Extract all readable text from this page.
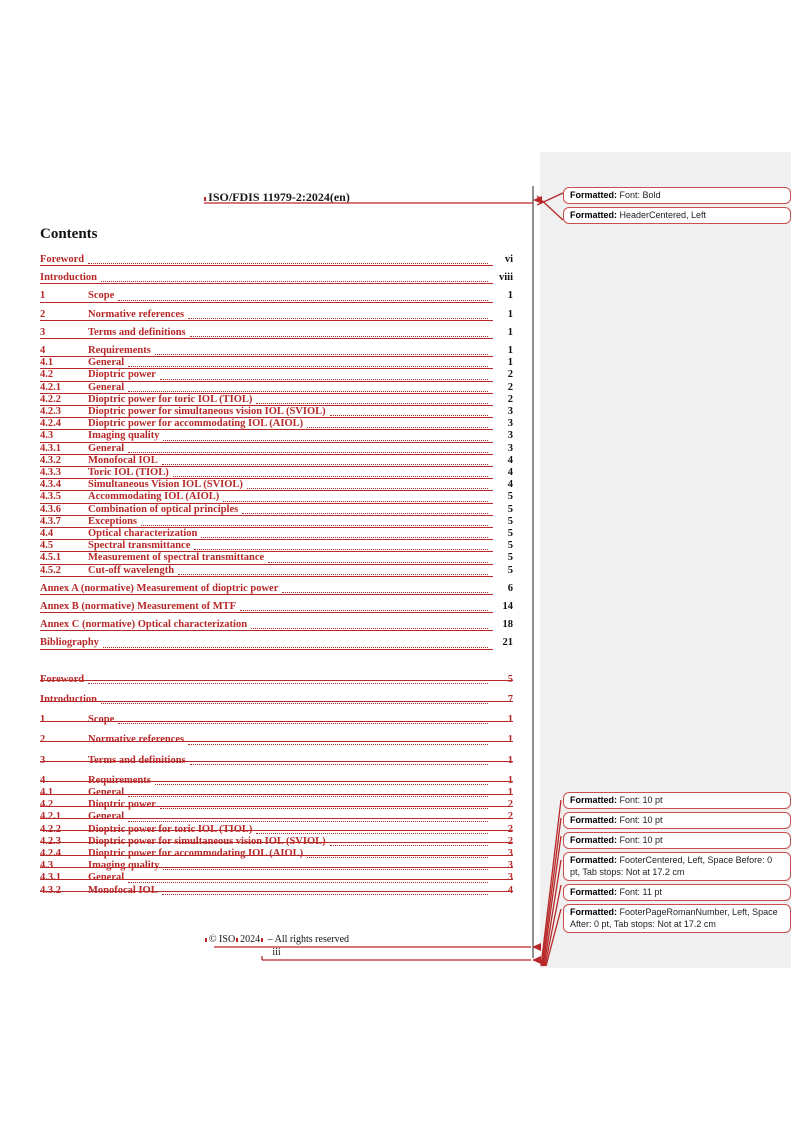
ISO/FDIS 11979-2:2024(en)
Contents
Foreword	vi
Introduction	viii
1	Scope	1
2	Normative references	1
3	Terms and definitions	1
4	Requirements	1
4.1	General	1
4.2	Dioptric power	2
4.2.1	General	2
4.2.2	Dioptric power for toric IOL (TIOL)	2
4.2.3	Dioptric power for simultaneous vision IOL (SVIOL)	3
4.2.4	Dioptric power for accommodating IOL (AIOL)	3
4.3	Imaging quality	3
4.3.1	General	3
4.3.2	Monofocal IOL	4
4.3.3	Toric IOL (TIOL)	4
4.3.4	Simultaneous Vision IOL (SVIOL)	4
4.3.5	Accommodating IOL (AIOL)	5
4.3.6	Combination of optical principles	5
4.3.7	Exceptions	5
4.4	Optical characterization	5
4.5	Spectral transmittance	5
4.5.1	Measurement of spectral transmittance	5
4.5.2	Cut-off wavelength	5
Annex A (normative) Measurement of dioptric power	6
Annex B (normative) Measurement of MTF	14
Annex C (normative) Optical characterization	18
Bibliography	21
Foreword	5
Introduction	7
1	Scope	1
2	Normative references	1
3	Terms and definitions	1
4	Requirements	1
4.1	General	1
4.2	Dioptric power	2
4.2.1	General	2
4.2.2	Dioptric power for toric IOL (TIOL)	2
4.2.3	Dioptric power for simultaneous vision IOL (SVIOL)	2
4.2.4	Dioptric power for accommodating IOL (AIOL)	3
4.3	Imaging quality	3
4.3.1	General	3
4.3.2	Monofocal IOL	4
© ISO 2024 – All rights reserved
iii
Formatted: Font: Bold
Formatted: HeaderCentered, Left
Formatted: Font: 10 pt
Formatted: Font: 10 pt
Formatted: Font: 10 pt
Formatted: FooterCentered, Left, Space Before: 0 pt, Tab stops: Not at 17.2 cm
Formatted: Font: 11 pt
Formatted: FooterPageRomanNumber, Left, Space After: 0 pt, Tab stops: Not at 17.2 cm
